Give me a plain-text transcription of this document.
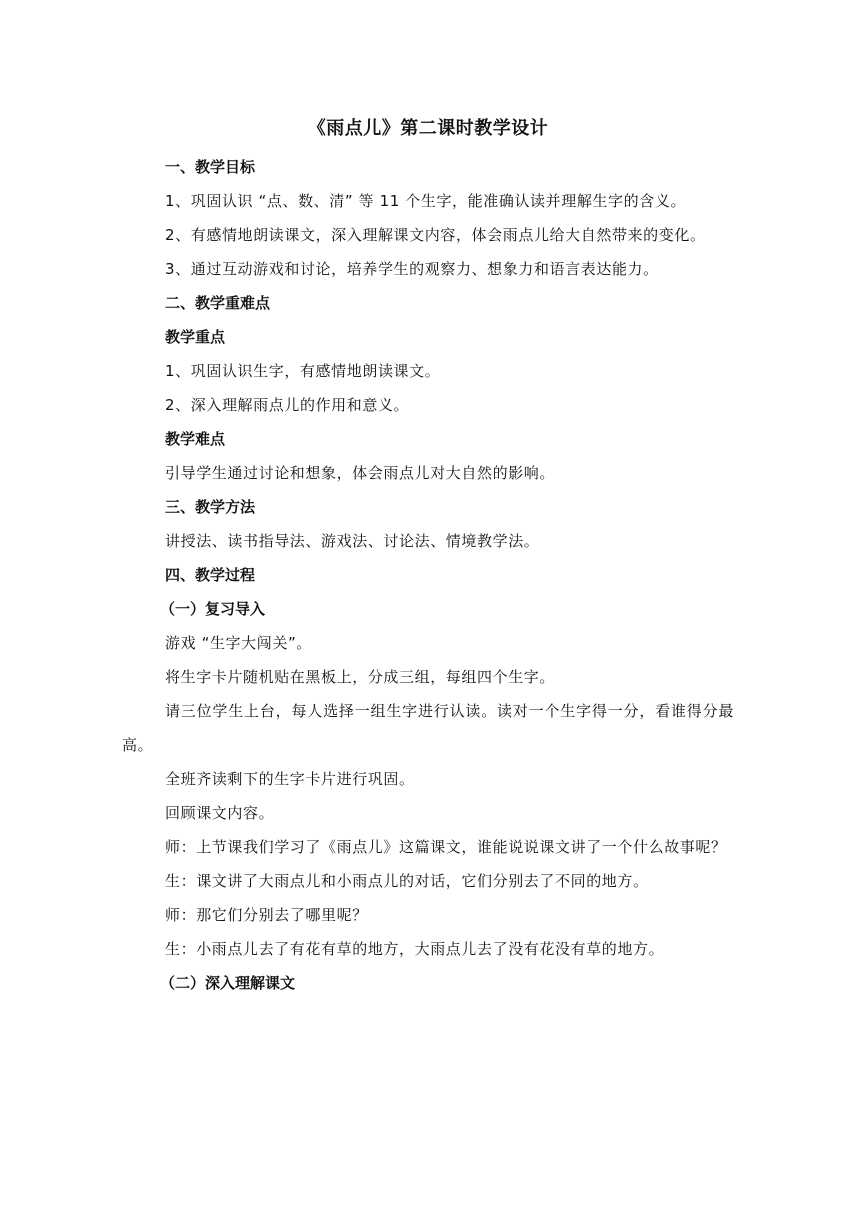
《雨点儿》第二课时教学设计

一、教学目标

1、巩固认识 “点、数、清” 等 11 个生字，能准确认读并理解生字的含义。

2、有感情地朗读课文，深入理解课文内容，体会雨点儿给大自然带来的变化。

3、通过互动游戏和讨论，培养学生的观察力、想象力和语言表达能力。

二、教学重难点

教学重点

1、巩固认识生字，有感情地朗读课文。

2、深入理解雨点儿的作用和意义。

教学难点

引导学生通过讨论和想象，体会雨点儿对大自然的影响。

三、教学方法

讲授法、读书指导法、游戏法、讨论法、情境教学法。

四、教学过程

（一）复习导入

游戏 “生字大闯关”。

将生字卡片随机贴在黑板上，分成三组，每组四个生字。

请三位学生上台，每人选择一组生字进行认读。读对一个生字得一分，看谁得分最高。

全班齐读剩下的生字卡片进行巩固。

回顾课文内容。

师：上节课我们学习了《雨点儿》这篇课文，谁能说说课文讲了一个什么故事呢？

生：课文讲了大雨点儿和小雨点儿的对话，它们分别去了不同的地方。

师：那它们分别去了哪里呢？

生：小雨点儿去了有花有草的地方，大雨点儿去了没有花没有草的地方。

（二）深入理解课文
